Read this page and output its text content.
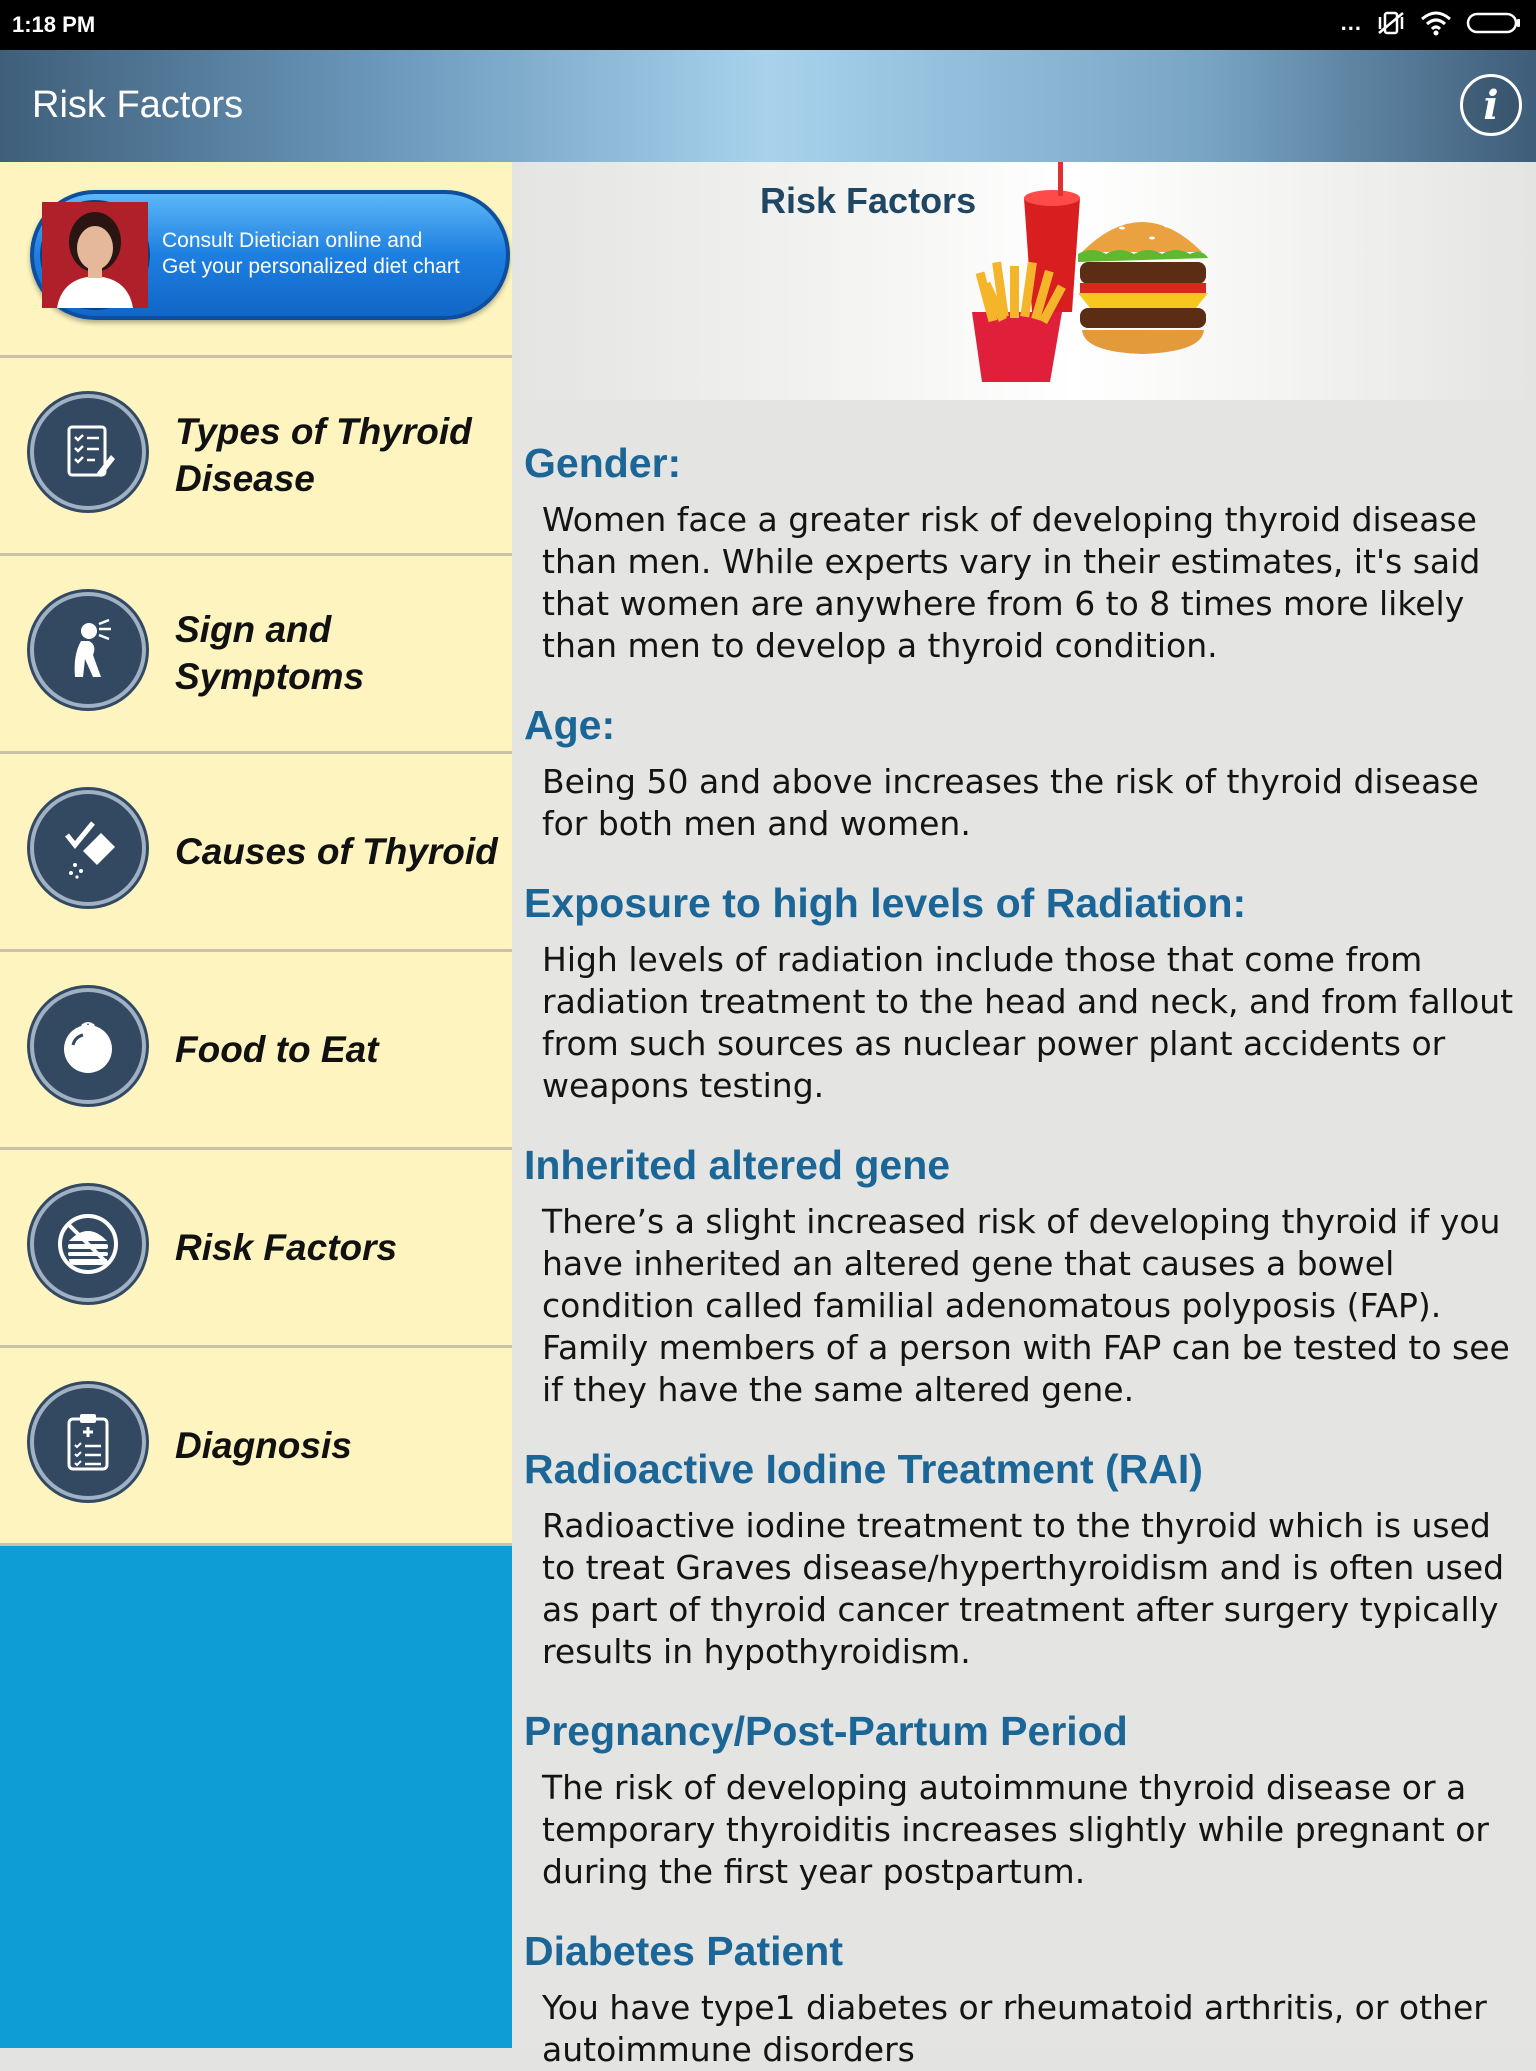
1:18 PM	...
Risk Factors	i
Consult Dietician online and
Get your personalized diet chart
Types of Thyroid
Disease
Sign and
Symptoms
Causes of Thyroid
Food to Eat
Risk Factors
Diagnosis
Risk Factors
Gender:

Women face a greater risk of developing thyroid disease than men. While experts vary in their estimates, it's said that women are anywhere from 6 to 8 times more likely than men to develop a thyroid condition.

Age:

Being 50 and above increases the risk of thyroid disease for both men and women.

Exposure to high levels of Radiation:

High levels of radiation include those that come from radiation treatment to the head and neck, and from fallout from such sources as nuclear power plant accidents or weapons testing.

Inherited altered gene

There’s a slight increased risk of developing thyroid if you have inherited an altered gene that causes a bowel condition called familial adenomatous polyposis (FAP). Family members of a person with FAP can be tested to see if they have the same altered gene.

Radioactive Iodine Treatment (RAI)

Radioactive iodine treatment to the thyroid which is used to treat Graves disease/hyperthyroidism and is often used as part of thyroid cancer treatment after surgery typically results in hypothyroidism.

Pregnancy/Post-Partum Period

The risk of developing autoimmune thyroid disease or a temporary thyroiditis increases slightly while pregnant or during the first year postpartum.

Diabetes Patient

You have type1 diabetes or rheumatoid arthritis, or other autoimmune disorders
